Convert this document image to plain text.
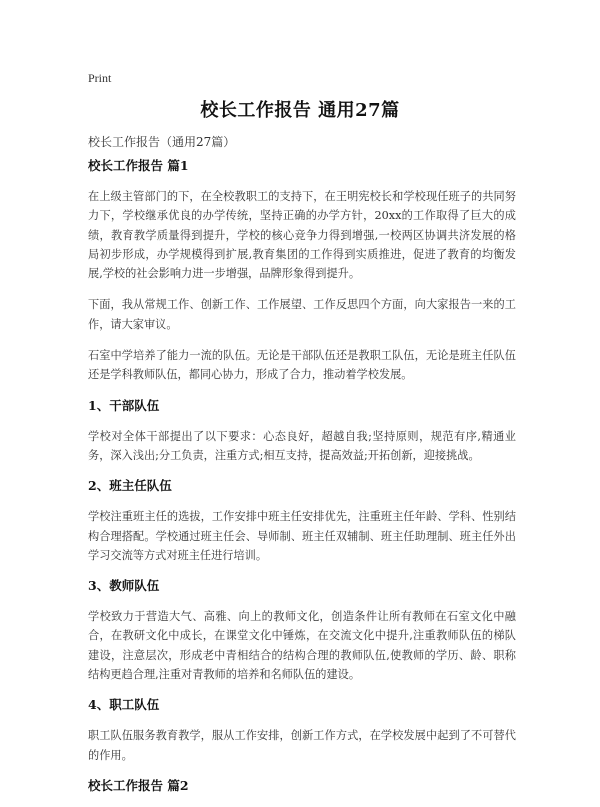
Print
校长工作报告 通用27篇
校长工作报告（通用27篇）
校长工作报告 篇1
在上级主管部门的下，在全校教职工的支持下，在王明宪校长和学校现任班子的共同努力下，学校继承优良的办学传统，坚持正确的办学方针，20xx的工作取得了巨大的成绩，教育教学质量得到提升，学校的核心竞争力得到增强,一校两区协调共济发展的格局初步形成，办学规模得到扩展,教育集团的工作得到实质推进，促进了教育的均衡发展,学校的社会影响力进一步增强，品牌形象得到提升。
下面，我从常规工作、创新工作、工作展望、工作反思四个方面，向大家报告一来的工作，请大家审议。
石室中学培养了能力一流的队伍。无论是干部队伍还是教职工队伍，无论是班主任队伍还是学科教师队伍，都同心协力，形成了合力，推动着学校发展。
1、干部队伍
学校对全体干部提出了以下要求：心态良好，超越自我;坚持原则，规范有序,精通业务，深入浅出;分工负责，注重方式;相互支持，提高效益;开拓创新，迎接挑战。
2、班主任队伍
学校注重班主任的选拔，工作安排中班主任安排优先，注重班主任年龄、学科、性别结构合理搭配。学校通过班主任会、导师制、班主任双辅制、班主任助理制、班主任外出学习交流等方式对班主任进行培训。
3、教师队伍
学校致力于营造大气、高雅、向上的教师文化，创造条件让所有教师在石室文化中融合，在教研文化中成长，在课堂文化中锤炼，在交流文化中提升,注重教师队伍的梯队建设，注意层次，形成老中青相结合的结构合理的教师队伍,使教师的学历、龄、职称结构更趋合理,注重对青教师的培养和名师队伍的建设。
4、职工队伍
职工队伍服务教育教学，服从工作安排，创新工作方式，在学校发展中起到了不可替代的作用。
校长工作报告 篇2
